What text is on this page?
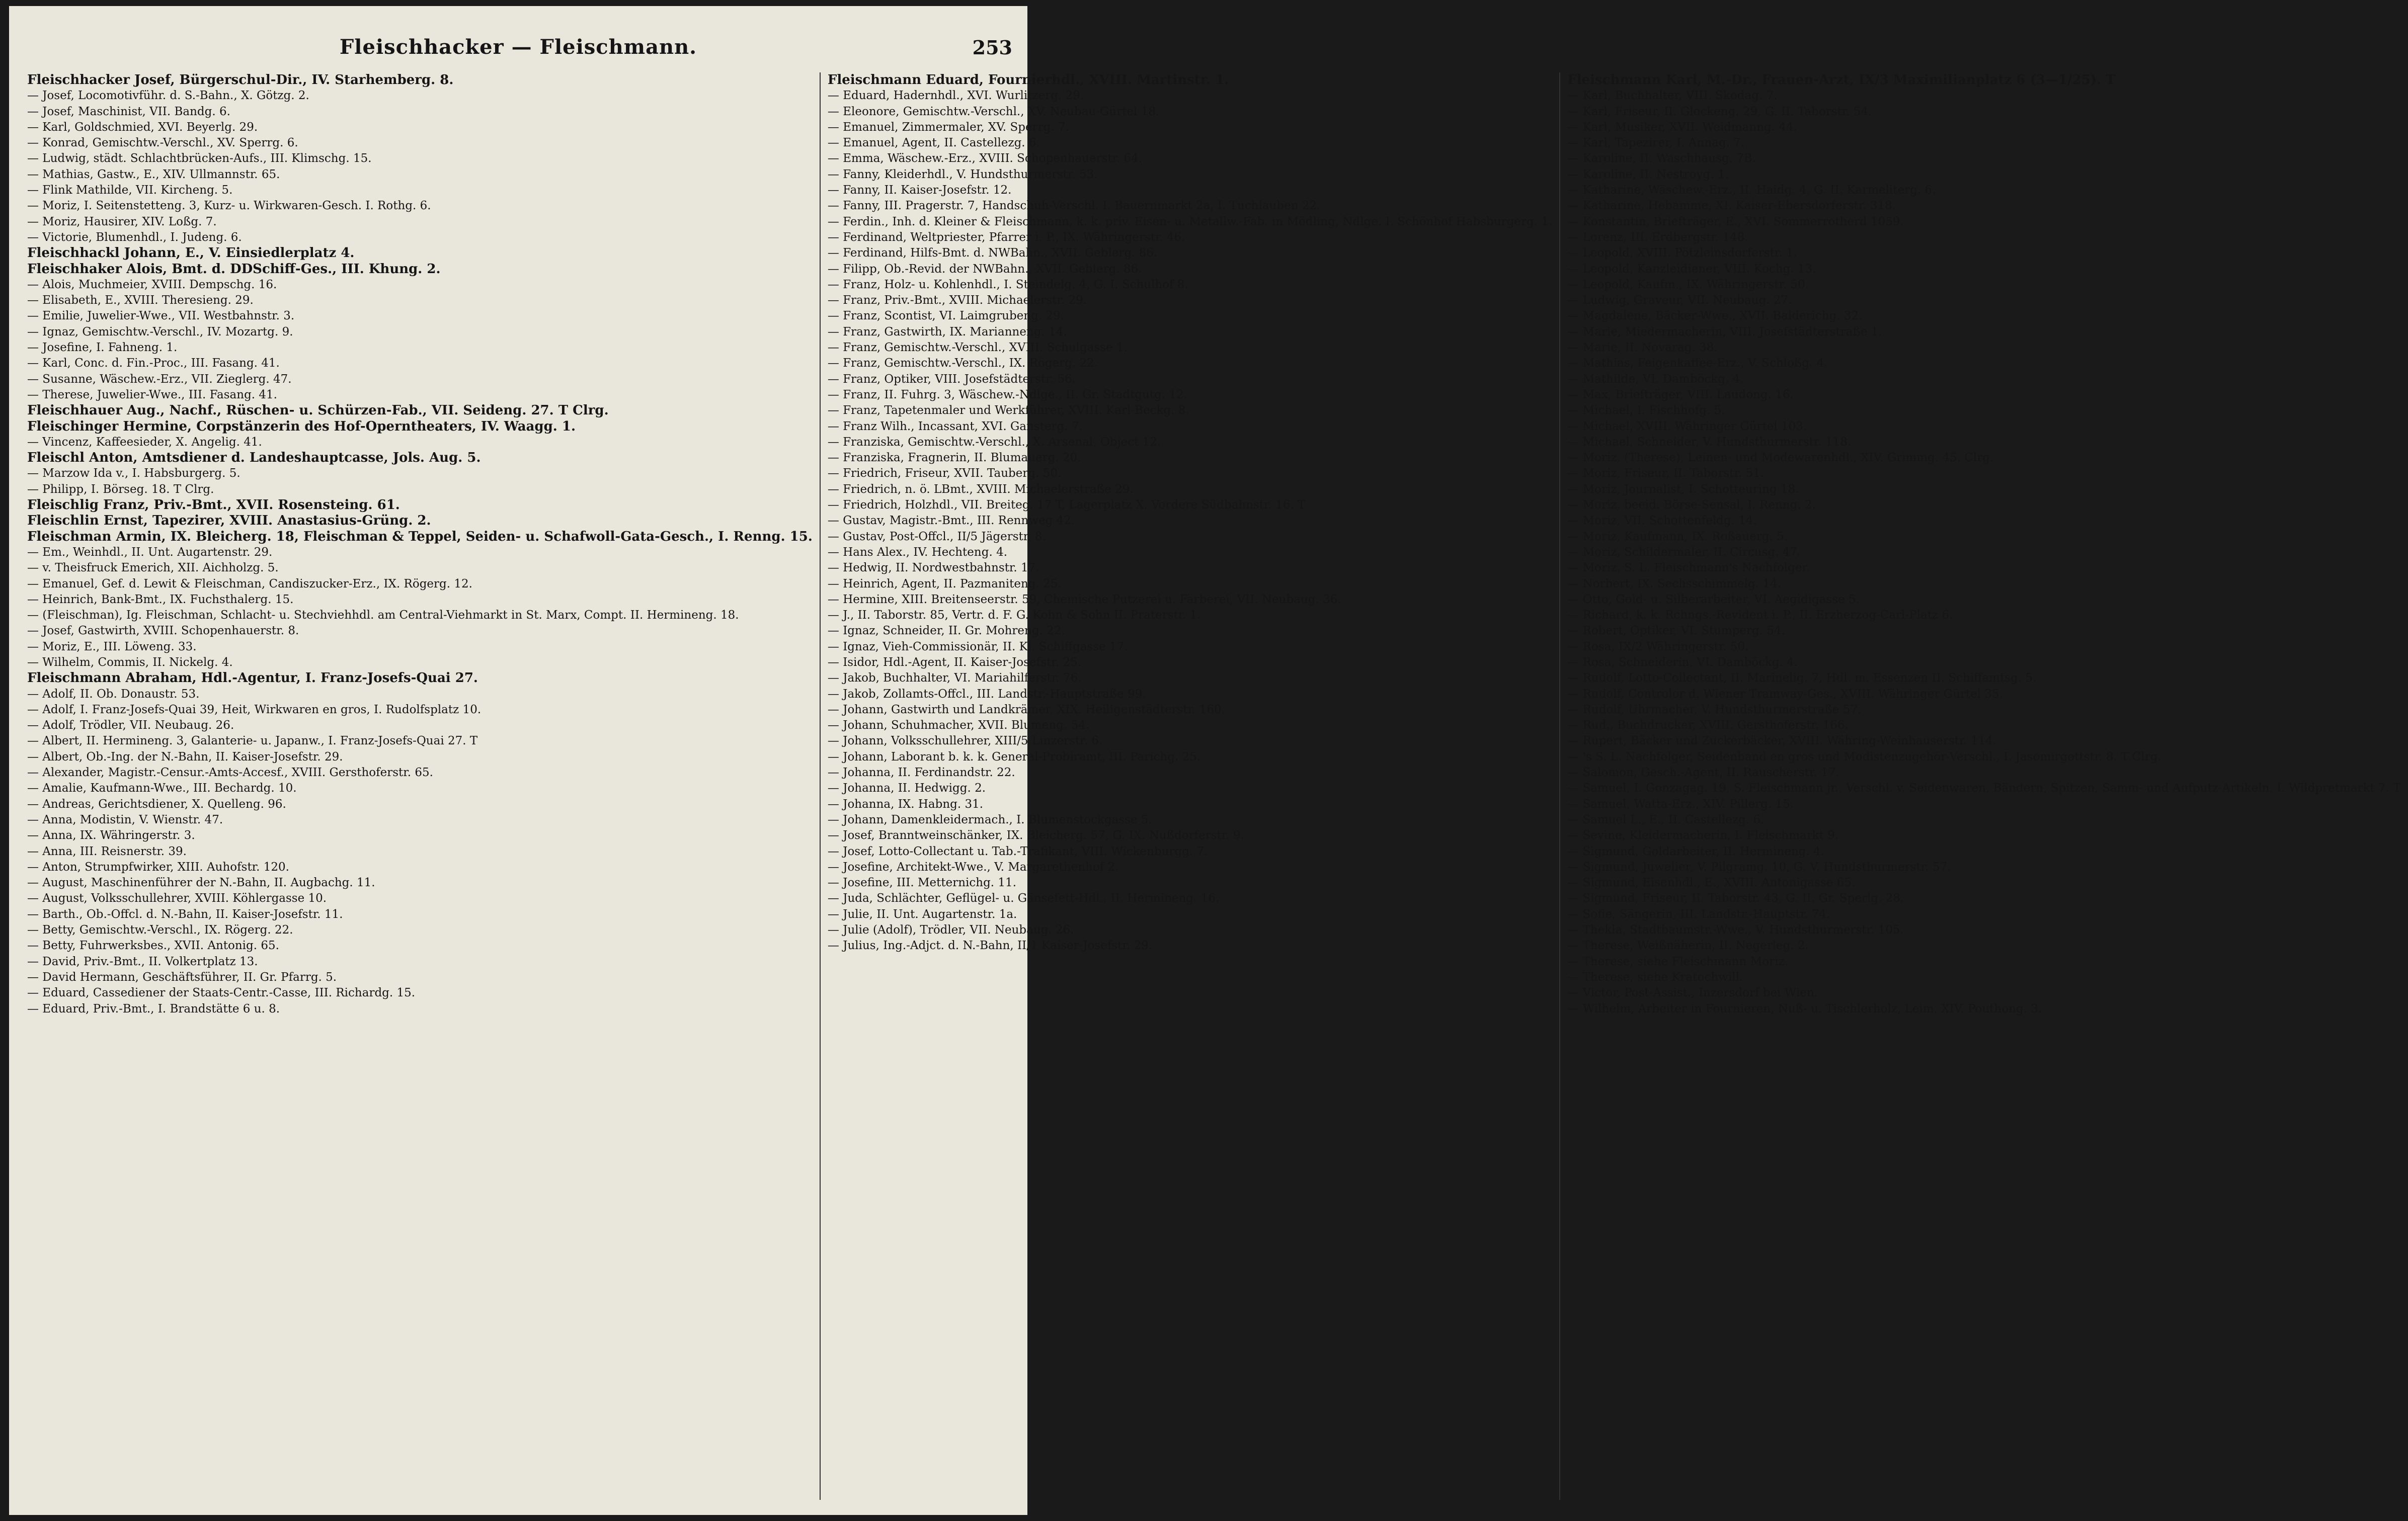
Fleischhacker — Fleischmann.	253
Fleischhacker Josef, Bürgerschul-Dir., IV. Starhemberg. 8.
— Josef, Locomotivführ. d. S.-Bahn., X. Götzg. 2.
— Josef, Maschinist, VII. Bandg. 6.
— Karl, Goldschmied, XVI. Beyerlg. 29.
— Konrad, Gemischtw.-Verschl., XV. Sperrg. 6.
— Ludwig, städt. Schlachtbrücken-Aufs., III. Klimschg. 15.
— Mathias, Gastw., E., XIV. Ullmannstr. 65.
— Flink Mathilde, VII. Kircheng. 5.
— Moriz, I. Seitenstetteng. 3, Kurz- u. Wirkwaren-Gesch. I. Rothg. 6.
— Moriz, Hausirer, XIV. Loßg. 7.
— Victorie, Blumenhdl., I. Judeng. 6.
Fleischhackl Johann, E., V. Einsiedlerplatz 4.
Fleischhaker Alois, Bmt. d. DDSchiff-Ges., III. Khung. 2.
— Alois, Muchmeier, XVIII. Dempschg. 16.
— Elisabeth, E., XVIII. Theresieng. 29.
— Emilie, Juwelier-Wwe., VII. Westbahnstr. 3.
— Ignaz, Gemischtw.-Verschl., IV. Mozartg. 9.
— Josefine, I. Fahneng. 1.
— Karl, Conc. d. Fin.-Proc., III. Fasang. 41.
— Susanne, Wäschew.-Erz., VII. Zieglerg. 47.
— Therese, Juwelier-Wwe., III. Fasang. 41.
Fleischhauer Aug., Nachf., Rüschen- u. Schürzen-Fab., VII. Seideng. 27. T Clrg.
Fleischinger Hermine, Corpstänzerin des Hof-Operntheaters, IV. Waagg. 1.
— Vincenz, Kaffeesieder, X. Angelig. 41.
Fleischl Anton, Amtsdiener d. Landeshauptcasse, Jols. Aug. 5.
— Marzow Ida v., I. Habsburgerg. 5.
— Philipp, I. Börseg. 18. T Clrg.
Fleischlig Franz, Priv.-Bmt., XVII. Rosensteing. 61.
Fleischlin Ernst, Tapezirer, XVIII. Anastasius-Grüng. 2.
Fleischman Armin, IX. Bleicherg. 18, Fleischman & Teppel, Seiden- u. Schafwoll-Gata-Gesch., I. Renng. 15.
— Em., Weinhdl., II. Unt. Augartenstr. 29.
— v. Theisfruck Emerich, XII. Aichholzg. 5.
— Emanuel, Gef. d. Lewit & Fleischman, Candiszucker-Erz., IX. Rögerg. 12.
— Heinrich, Bank-Bmt., IX. Fuchsthalerg. 15.
— (Fleischman), Ig. Fleischman, Schlacht- u. Stechviehhdl. am Central-Viehmarkt in St. Marx, Compt. II. Hermineng. 18.
— Josef, Gastwirth, XVIII. Schopenhauerstr. 8.
— Moriz, E., III. Löweng. 33.
— Wilhelm, Commis, II. Nickelg. 4.
Fleischmann Abraham, Hdl.-Agentur, I. Franz-Josefs-Quai 27.
— Adolf, II. Ob. Donaustr. 53.
— Adolf, I. Franz-Josefs-Quai 39, Heit, Wirkwaren en gros, I. Rudolfsplatz 10.
— Adolf, Trödler, VII. Neubaug. 26.
— Albert, II. Hermineng. 3, Galanterie- u. Japanw., I. Franz-Josefs-Quai 27. T
— Albert, Ob.-Ing. der N.-Bahn, II. Kaiser-Josefstr. 29.
— Alexander, Magistr.-Censur.-Amts-Accesf., XVIII. Gersthoferstr. 65.
— Amalie, Kaufmann-Wwe., III. Bechardg. 10.
— Andreas, Gerichtsdiener, X. Quelleng. 96.
— Anna, Modistin, V. Wienstr. 47.
— Anna, IX. Währingerstr. 3.
— Anna, III. Reisnerstr. 39.
— Anton, Strumpfwirker, XIII. Auhofstr. 120.
— August, Maschinenführer der N.-Bahn, II. Augbachg. 11.
— August, Volksschullehrer, XVIII. Köhlergasse 10.
— Barth., Ob.-Offcl. d. N.-Bahn, II. Kaiser-Josefstr. 11.
— Betty, Gemischtw.-Verschl., IX. Rögerg. 22.
— Betty, Fuhrwerksbes., XVII. Antonig. 65.
— David, Priv.-Bmt., II. Volkertplatz 13.
— David Hermann, Geschäftsführer, II. Gr. Pfarrg. 5.
— Eduard, Cassediener der Staats-Centr.-Casse, III. Richardg. 15.
— Eduard, Priv.-Bmt., I. Brandstätte 6 u. 8.
Fleischmann Eduard, Fournierhdl., XVIII. Martinstr. 1.
— Eduard, Hadernhdl., XVI. Wurlitzerg. 29.
— Eleonore, Gemischtw.-Verschl., XV. Neubau-Gürtel 18.
— Emanuel, Zimmermaler, XV. Sperrg. 7.
— Emanuel, Agent, II. Castellezg. 6.
— Emma, Wäschew.-Erz., XVIII. Schopenhauerstr. 64.
— Fanny, Kleiderhdl., V. Hundsthurmerstr. 53.
— Fanny, II. Kaiser-Josefstr. 12.
— Fanny, III. Pragerstr. 7, Handschuh-Verschl. I. Bauernmarkt 2a, I. Tuchlauben 22.
— Ferdin., Inh. d. Kleiner & Fleischmann, k. k. priv. Eisen- u. Metallw.-Fab. in Mödling, Ndlge. I. Schönhof Habsburgerg. 1.
— Ferdinand, Weltpriester, Pfarrer i. P., IX. Währingerstr. 46.
— Ferdinand, Hilfs-Bmt. d. NWBahn., XVII. Geblerg. 86.
— Filipp, Ob.-Revid. der NWBahn., XVII. Geblerg. 86.
— Franz, Holz- u. Kohlenhdl., I. Steindelg. 4, G. I. Schulhof 8.
— Franz, Priv.-Bmt., XVIII. Michaelerstr. 29.
— Franz, Scontist, VI. Laimgrubeng. 29.
— Franz, Gastwirth, IX. Marianneng. 14.
— Franz, Gemischtw.-Verschl., XVIII. Schulgasse 1.
— Franz, Gemischtw.-Verschl., IX. Rögerg. 22.
— Franz, Optiker, VIII. Josefstädterstr. 56.
— Franz, II. Fuhrg. 3, Wäschew.-Ndlge., II. Gr. Stadtgutg. 12.
— Franz, Tapetenmaler und Werkführer, XVIII. Karl-Beckg. 8.
— Franz Wilh., Incassant, XVI. Gansterg. 7.
— Franziska, Gemischtw.-Verschl., X. Arsenal, Object 12.
— Franziska, Fragnerin, II. Blumauerg. 20.
— Friedrich, Friseur, XVII. Tauberg. 50.
— Friedrich, n. ö. LBmt., XVIII. Michaelerstraße 29.
— Friedrich, Holzhdl., VII. Breiteg. 17 T, Lagerplatz X. Vordere Südbahnstr. 16. T
— Gustav, Magistr.-Bmt., III. Rennweg 42.
— Gustav, Post-Offcl., II/5 Jägerstr. 8.
— Hans Alex., IV. Hechteng. 4.
— Hedwig, II. Nordwestbahnstr. 17.
— Heinrich, Agent, II. Pazmaniteng. 25.
— Hermine, XIII. Breitenseerstr. 59, Chemische Putzerei u. Färberei, VII. Neubaug. 36.
— J., II. Taborstr. 85, Vertr. d. F. G. Kohn & Sohn II. Praterstr. 1.
— Ignaz, Schneider, II. Gr. Mohreng. 22.
— Ignaz, Vieh-Commissionär, II. Kl. Schiffgasse 17.
— Isidor, Hdl.-Agent, II. Kaiser-Josefstr. 25.
— Jakob, Buchhalter, VI. Mariahilferstr. 76.
— Jakob, Zollamts-Offcl., III. Landstr.-Hauptstraße 99.
— Johann, Gastwirth und Landkrämer, XIX. Heiligenstädterstr. 160.
— Johann, Schuhmacher, XVII. Blumeng. 54.
— Johann, Volksschullehrer, XIII/5 Linzerstr. 6.
— Johann, Laborant b. k. k. General-Probiramt, III. Parichg. 25.
— Johanna, II. Ferdinandstr. 22.
— Johanna, II. Hedwigg. 2.
— Johanna, IX. Habng. 31.
— Johann, Damenkleidermach., I. Blumenstockgasse 5.
— Josef, Branntweinschänker, IX. Bleicherg. 57, G. IX. Nußdorferstr. 9.
— Josef, Lotto-Collectant u. Tab.-Trafikant, VIII. Wickenburgg. 7.
— Josefine, Architekt-Wwe., V. Margarethenhof 2.
— Josefine, III. Metternichg. 11.
— Juda, Schlächter, Geflügel- u. Gänsefett-Hdl., II. Hermineng. 16.
— Julie, II. Unt. Augartenstr. 1a.
— Julie (Adolf), Trödler, VII. Neubaug. 26.
— Julius, Ing.-Adjct. d. N.-Bahn, II/1 Kaiser-Josefstr. 29.
Fleischmann Karl, M.-Dr., Frauen-Arzt, IX/3 Maximilianplatz 6 (3—1/25). T
— Karl, Buchhalter, VIII. Skodag. 7.
— Karl, Friseur, II. Glockeng. 29, G. II. Taborstr. 54.
— Karl, Musiker, XVII. Weidmanng. 44.
— Karl, Tapezirer, I. Annag. 7.
— Karoline, II. Waschhausg. 7B.
— Karoline, II. Nestroyg. 1.
— Katharine, Wäschew.-Erz., II. Haidg. 4, G. II. Karmeliterg. 6.
— Katharine, Hebamme, XI. Kaiser-Ebersdorferstr. 318.
— Konstantin, Briefträger, E., XVI. Sommerrotherd 1059.
— Lorenz, III. Erdbergstr. 148.
— Leopold, XVIII. Pötzleinsdorferstr. 1.
— Leopold, Kanzleidiener, VIII. Kochg. 13.
— Leopold, Kaufm., IX. Währingerstr. 50.
— Ludwig, Graveur, VII. Neubaug. 27.
— Magdalene, Bäcker-Wwe., XVII. Balderichg. 32.
— Marie, Miedermacherin, VIII. Josefstädterstraße 1.
— Marie, II. Novarag. 38.
— Mathias, Feigenkaffee-Erz., V. Schloßg. 4.
— Mathilde, VI. Damböckg. 4.
— Max, Briefträger, VIII. Laudong. 16.
— Michael, I. Fischhofg. 5.
— Michael, XVIII. Währinger Gürtel 103.
— Michael, Schneider, V. Hundsthurmerstr. 118.
— Moriz, (Therese), Leinen- und Modewarenhdl., XIV. Grimmg. 45. Clrg.
— Moriz, Friseur, II. Taborstr. 51.
— Moriz, Journalist, I. Schotteuring 18.
— Moriz, beeid. Börse-Sensal, I. Renng. 2.
— Moriz, VII. Schottenfeldg. 14.
— Moriz, Kaufmann, IX. Roßauerg. 5.
— Moriz, Schildermaler, II. Circusg. 47.
— Moriz, S. L. Fleischmann's Nachfolger.
— Norbert, IX. Sechsschimmelg. 14.
— Otto, Gold- u. Silberarbeiter, VI. Aegidigasse 5.
— Richard, k. k. Rchngs.-Revident i. P., II. Erzherzog-Carl-Platz 6.
— Robert, Optiker, VI. Stumperg. 54.
— Rosa, IX/2 Währingerstr. 50.
— Rosa, Schneiderin, VI. Damböckg. 4.
— Rudolf, Lotto-Collectant, II. Marinelig. 7, Hdl. m. Essenzen II. Schiffamtsg. 5.
— Rudolf, Controlor d. Wiener Tramway-Ges., XVIII. Währinger Gürtel 35.
— Rudolf, Uhrmacher, V. Hundsthurmerstraße 57.
— Rud., Buchdrucker, XVIII. Gersthoferstr. 166.
— Rupert, Bäcker und Zuckerbäcker, XVIII. Währing-Weinhauserstr. 114.
— 's S. L. Nachfolger, Seidenband en gros und Modistenzugehör-Verschl., I. Jasomirgottstr. 8. T Clrg.
— Salomon, Gesch.-Agent, II. Rauscherstr. 17.
— Samuel, I. Gonzagag. 19, S. Fleischmann jr., Verschl. v. Seidenwaren, Bändern, Spitzen, Samm- und Aufputz-Artikeln, I. Wildpretmarkt 7. T
— Samuel, Watta-Erz., XIV. Pillerg. 15.
— Samuel L., E., II. Castellezg. 6.
— Sevine, Kleidermacherin, I. Fleischmarkt 9.
— Sigmund, Goldarbeiter, II. Hermineng. 4.
— Sigmund, Juwelier, V. Pilgramg. 10, G. V. Hundsthurmerstr. 57.
— Sigmund, Eisenhdl., E., XVIII. Antonigasse 65.
— Sigmund, Friseur, II. Taborstr. 43, G. II. Gr. Sperlg. 28.
— Sofie, Sängerin, III. Landstr.-Hauptstr. 74.
— Thekla, Stadtbaumstr.-Wwe., V. Hundsthurmerstr. 105.
— Therese, Weißnäherin, II. Negerleg. 2.
— Therese, siehe Fleischmann Moriz.
— Therese, siehe Kratochwill.
— Victor, Post-Assist., Inzersdorf bei Wien.
— Wilhelm, Arbeiter in Fournieren, Nuß- u. Tischlerholz, Leim, XIV. Pouthong. 3.
